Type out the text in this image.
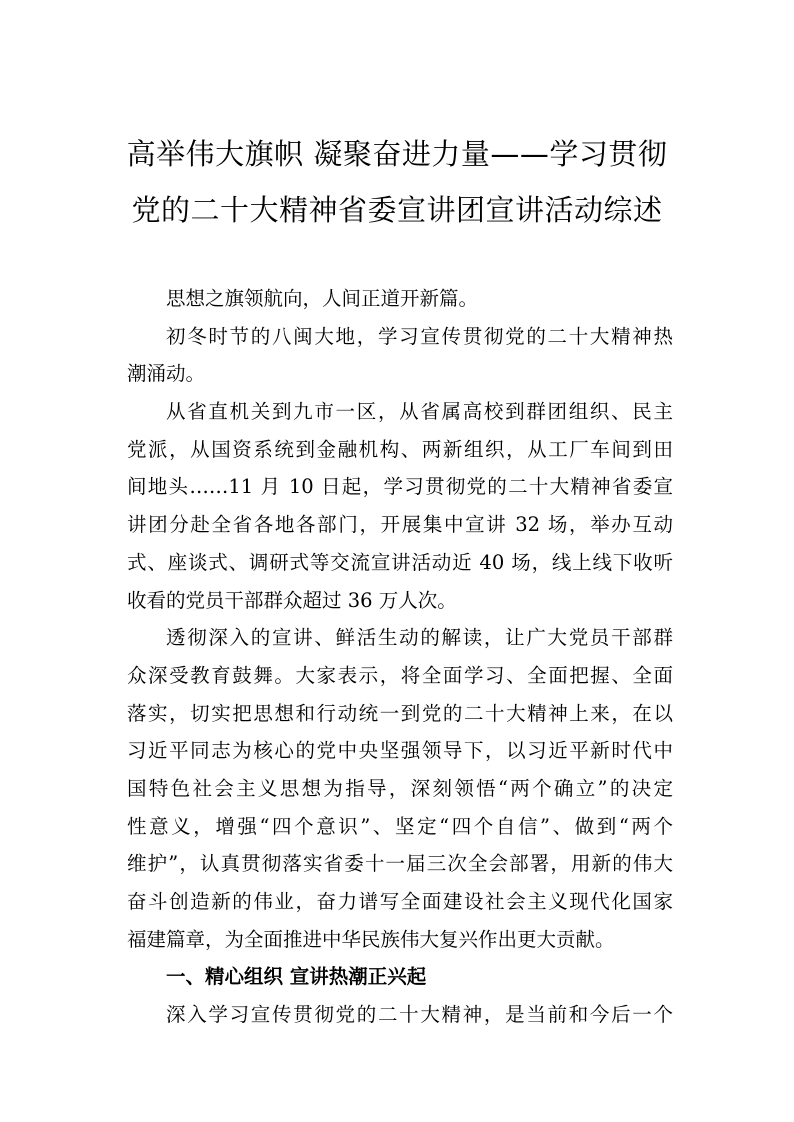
高举伟大旗帜 凝聚奋进力量——学习贯彻
党的二十大精神省委宣讲团宣讲活动综述
思想之旗领航向，人间正道开新篇。
初冬时节的八闽大地，学习宣传贯彻党的二十大精神热
潮涌动。
从省直机关到九市一区，从省属高校到群团组织、民主
党派，从国资系统到金融机构、两新组织，从工厂车间到田
间地头……11 月 10 日起，学习贯彻党的二十大精神省委宣
讲团分赴全省各地各部门，开展集中宣讲 32 场，举办互动
式、座谈式、调研式等交流宣讲活动近 40 场，线上线下收听
收看的党员干部群众超过 36 万人次。
透彻深入的宣讲、鲜活生动的解读，让广大党员干部群
众深受教育鼓舞。大家表示，将全面学习、全面把握、全面
落实，切实把思想和行动统一到党的二十大精神上来，在以
习近平同志为核心的党中央坚强领导下，以习近平新时代中
国特色社会主义思想为指导，深刻领悟“两个确立”的决定
性意义，增强“四个意识”、坚定“四个自信”、做到“两个
维护”，认真贯彻落实省委十一届三次全会部署，用新的伟大
奋斗创造新的伟业，奋力谱写全面建设社会主义现代化国家
福建篇章，为全面推进中华民族伟大复兴作出更大贡献。
一、精心组织 宣讲热潮正兴起
深入学习宣传贯彻党的二十大精神，是当前和今后一个
